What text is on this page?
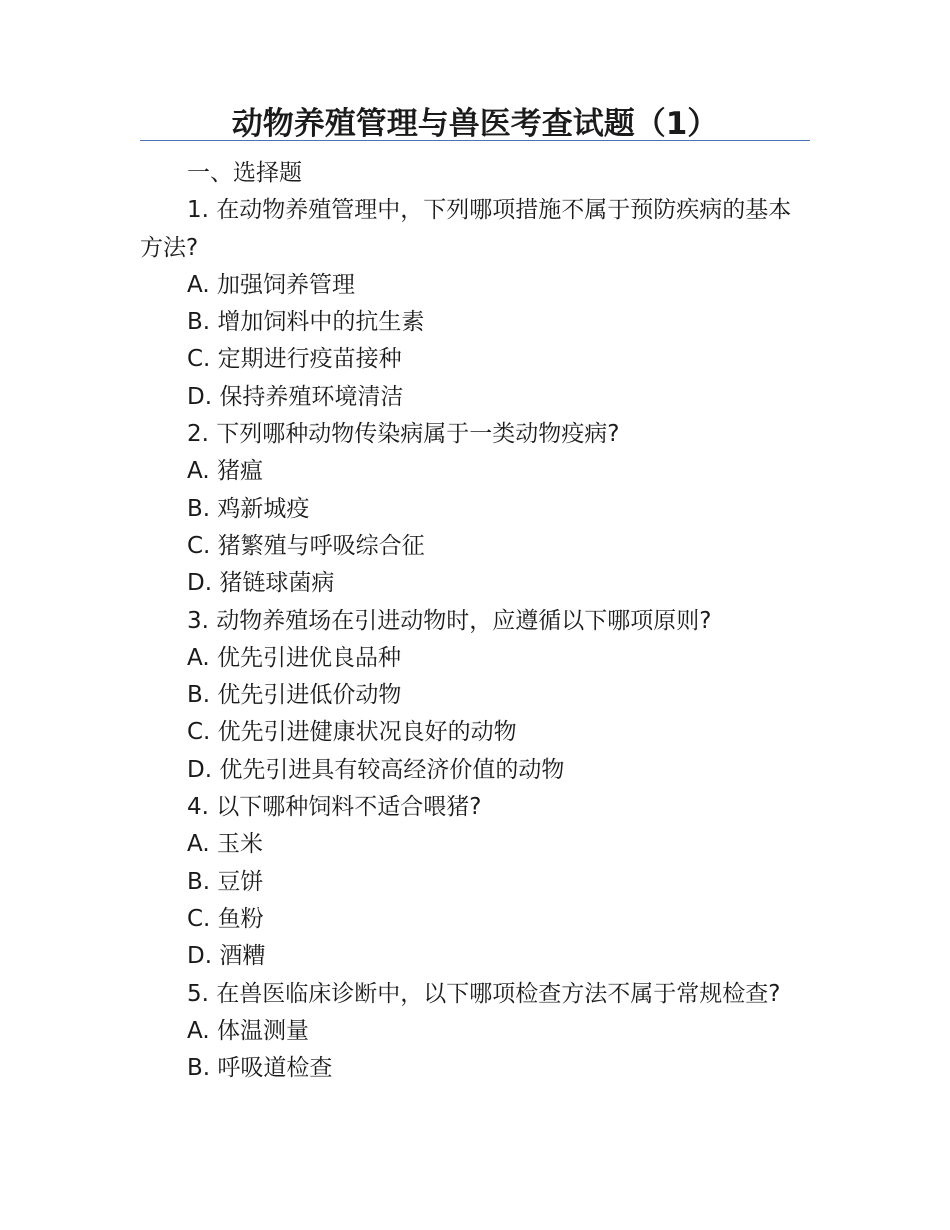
动物养殖管理与兽医考查试题（1）

一、选择题

1. 在动物养殖管理中，下列哪项措施不属于预防疾病的基本方法?

A. 加强饲养管理

B. 增加饲料中的抗生素

C. 定期进行疫苗接种

D. 保持养殖环境清洁

2. 下列哪种动物传染病属于一类动物疫病?

A. 猪瘟

B. 鸡新城疫

C. 猪繁殖与呼吸综合征

D. 猪链球菌病

3. 动物养殖场在引进动物时，应遵循以下哪项原则?

A. 优先引进优良品种

B. 优先引进低价动物

C. 优先引进健康状况良好的动物

D. 优先引进具有较高经济价值的动物

4. 以下哪种饲料不适合喂猪?

A. 玉米

B. 豆饼

C. 鱼粉

D. 酒糟

5. 在兽医临床诊断中，以下哪项检查方法不属于常规检查?

A. 体温测量

B. 呼吸道检查
